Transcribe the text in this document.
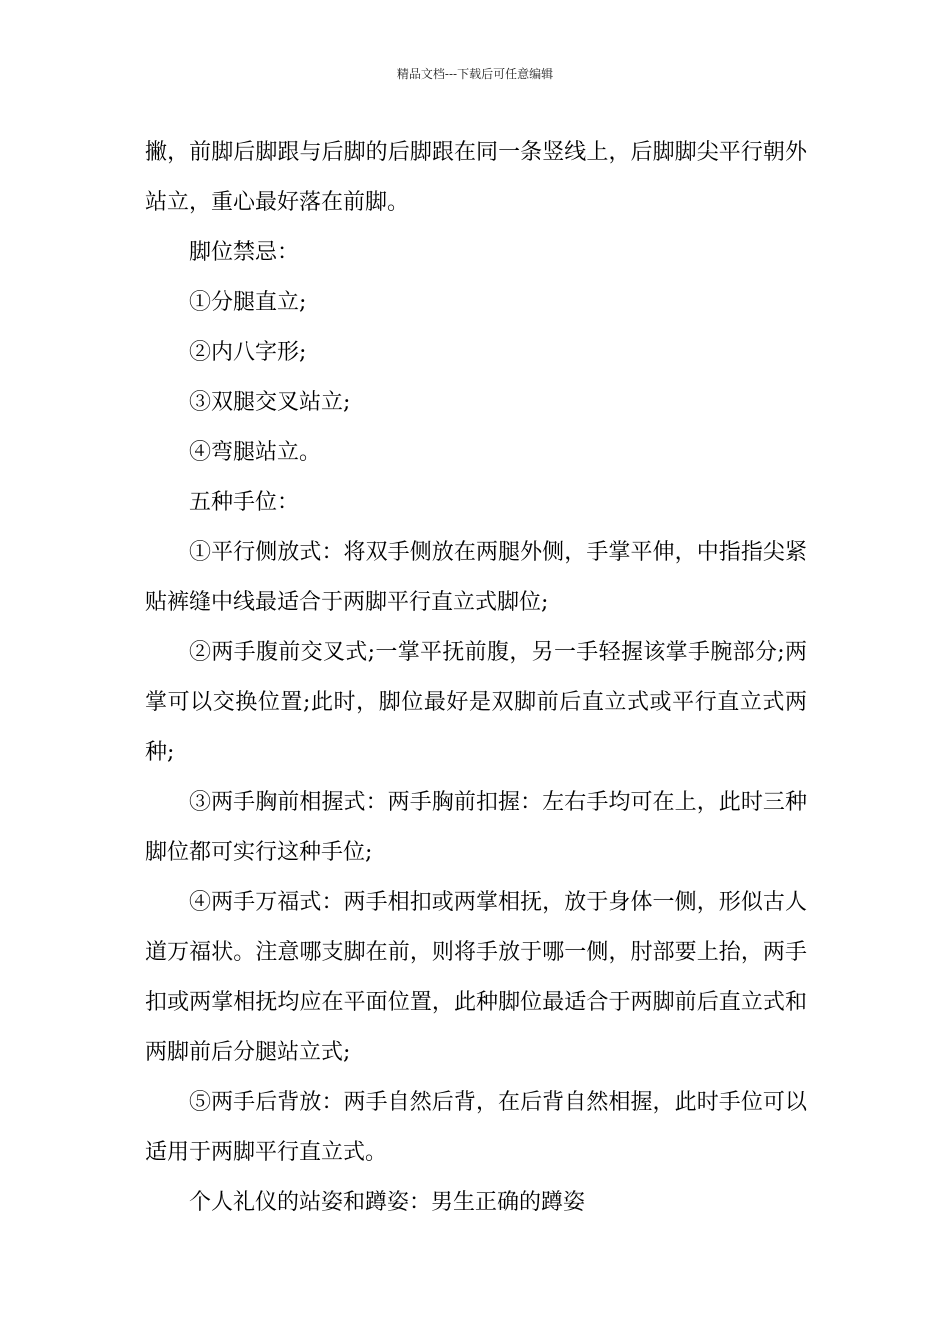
精品文档---下载后可任意编辑

撇，前脚后脚跟与后脚的后脚跟在同一条竖线上，后脚脚尖平行朝外站立，重心最好落在前脚。

脚位禁忌：

①分腿直立;

②内八字形;

③双腿交叉站立;

④弯腿站立。

五种手位：

①平行侧放式：将双手侧放在两腿外侧，手掌平伸，中指指尖紧贴裤缝中线最适合于两脚平行直立式脚位;

②两手腹前交叉式;一掌平抚前腹，另一手轻握该掌手腕部分;两掌可以交换位置;此时，脚位最好是双脚前后直立式或平行直立式两种;

③两手胸前相握式：两手胸前扣握：左右手均可在上，此时三种脚位都可实行这种手位;

④两手万福式：两手相扣或两掌相抚，放于身体一侧，形似古人道万福状。注意哪支脚在前，则将手放于哪一侧，肘部要上抬，两手扣或两掌相抚均应在平面位置，此种脚位最适合于两脚前后直立式和两脚前后分腿站立式;

⑤两手后背放：两手自然后背，在后背自然相握，此时手位可以适用于两脚平行直立式。

个人礼仪的站姿和蹲姿：男生正确的蹲姿
